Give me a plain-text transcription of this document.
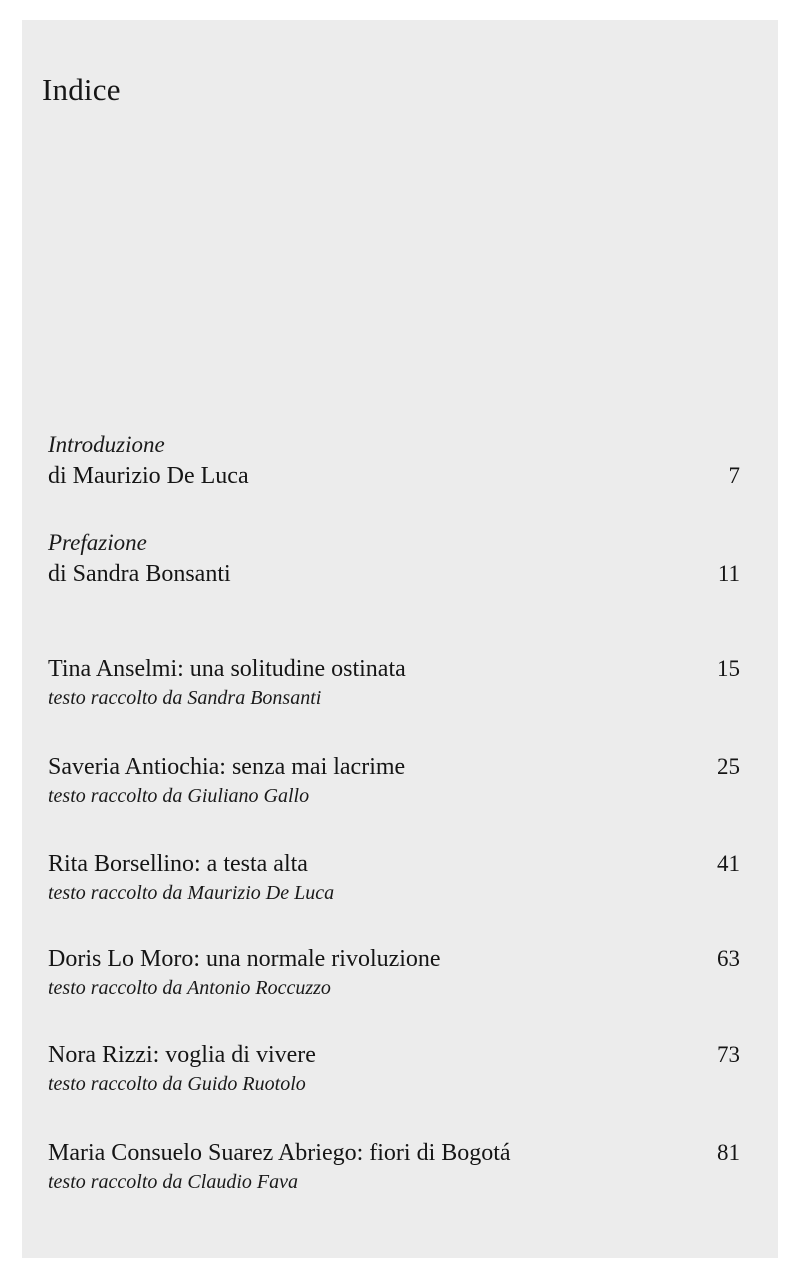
Indice
Introduzione
di Maurizio De Luca	7
Prefazione
di Sandra Bonsanti	11
Tina Anselmi: una solitudine ostinata	15
testo raccolto da Sandra Bonsanti
Saveria Antiochia: senza mai lacrime	25
testo raccolto da Giuliano Gallo
Rita Borsellino: a testa alta	41
testo raccolto da Maurizio De Luca
Doris Lo Moro: una normale rivoluzione	63
testo raccolto da Antonio Roccuzzo
Nora Rizzi: voglia di vivere	73
testo raccolto da Guido Ruotolo
Maria Consuelo Suarez Abriego: fiori di Bogotá	81
testo raccolto da Claudio Fava
